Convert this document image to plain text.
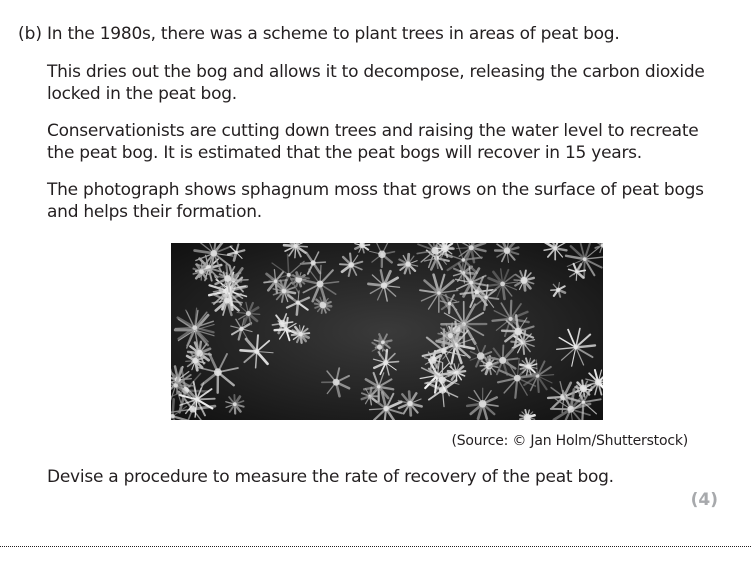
(b) In the 1980s, there was a scheme to plant trees in areas of peat bog.

This dries out the bog and allows it to decompose, releasing the carbon dioxide locked in the peat bog.

Conservationists are cutting down trees and raising the water level to recreate the peat bog. It is estimated that the peat bogs will recover in 15 years.

The photograph shows sphagnum moss that grows on the surface of peat bogs and helps their formation.

(Source: © Jan Holm/Shutterstock)

Devise a procedure to measure the rate of recovery of the peat bog.

(4)
